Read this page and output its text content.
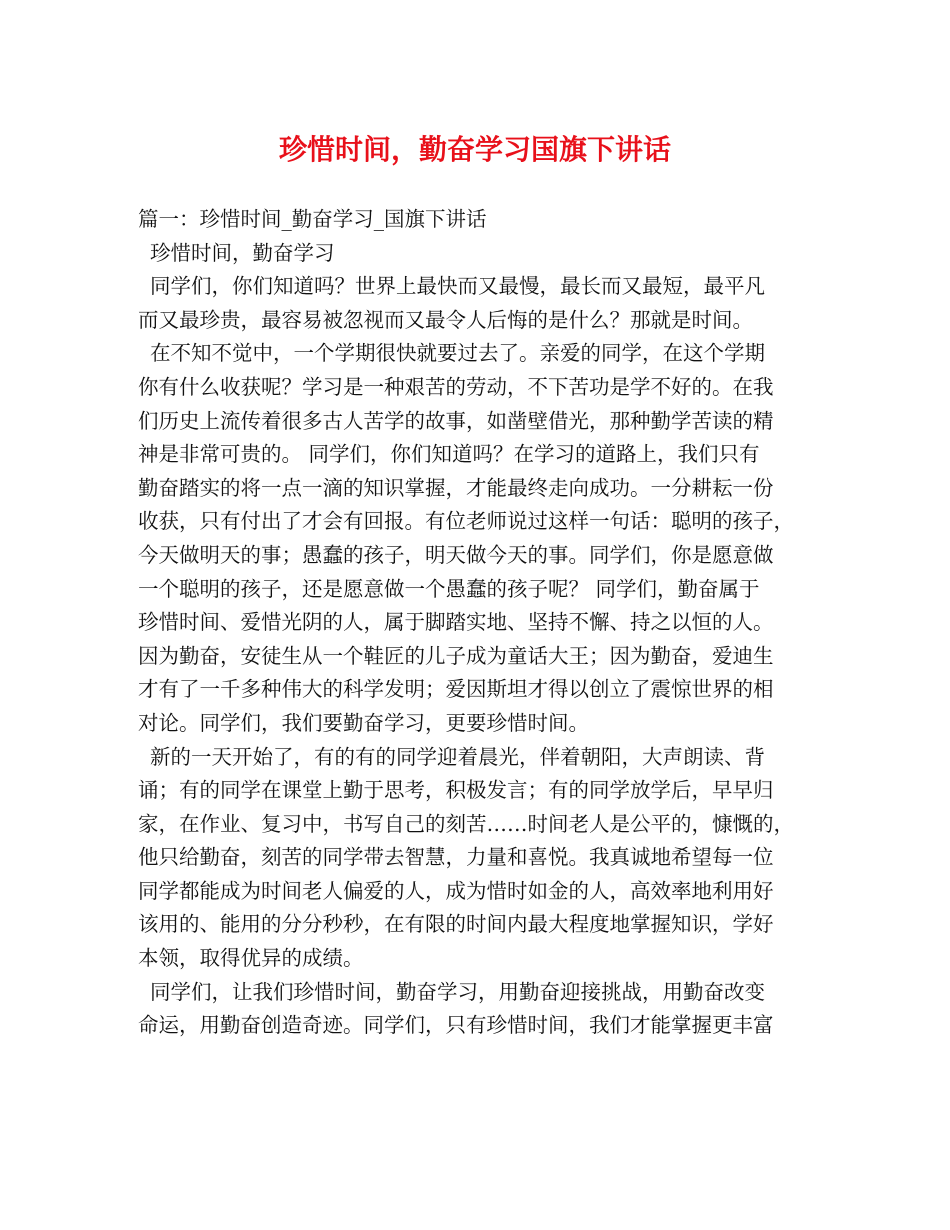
珍惜时间，勤奋学习国旗下讲话
篇一：珍惜时间_勤奋学习_国旗下讲话
珍惜时间，勤奋学习
同学们，你们知道吗？世界上最快而又最慢，最长而又最短，最平凡
而又最珍贵，最容易被忽视而又最令人后悔的是什么？那就是时间。
在不知不觉中，一个学期很快就要过去了。亲爱的同学，在这个学期
你有什么收获呢？学习是一种艰苦的劳动，不下苦功是学不好的。在我
们历史上流传着很多古人苦学的故事，如凿壁借光，那种勤学苦读的精
神是非常可贵的。 同学们，你们知道吗？在学习的道路上，我们只有
勤奋踏实的将一点一滴的知识掌握，才能最终走向成功。一分耕耘一份
收获，只有付出了才会有回报。有位老师说过这样一句话：聪明的孩子，
今天做明天的事；愚蠢的孩子，明天做今天的事。同学们，你是愿意做
一个聪明的孩子，还是愿意做一个愚蠢的孩子呢？ 同学们，勤奋属于
珍惜时间、爱惜光阴的人，属于脚踏实地、坚持不懈、持之以恒的人。
因为勤奋，安徒生从一个鞋匠的儿子成为童话大王；因为勤奋，爱迪生
才有了一千多种伟大的科学发明；爱因斯坦才得以创立了震惊世界的相
对论。同学们，我们要勤奋学习，更要珍惜时间。
新的一天开始了，有的有的同学迎着晨光，伴着朝阳，大声朗读、背
诵；有的同学在课堂上勤于思考，积极发言；有的同学放学后，早早归
家，在作业、复习中，书写自己的刻苦……时间老人是公平的，慷慨的，
他只给勤奋，刻苦的同学带去智慧，力量和喜悦。我真诚地希望每一位
同学都能成为时间老人偏爱的人，成为惜时如金的人，高效率地利用好
该用的、能用的分分秒秒，在有限的时间内最大程度地掌握知识，学好
本领，取得优异的成绩。
同学们，让我们珍惜时间，勤奋学习，用勤奋迎接挑战，用勤奋改变
命运，用勤奋创造奇迹。同学们，只有珍惜时间，我们才能掌握更丰富
